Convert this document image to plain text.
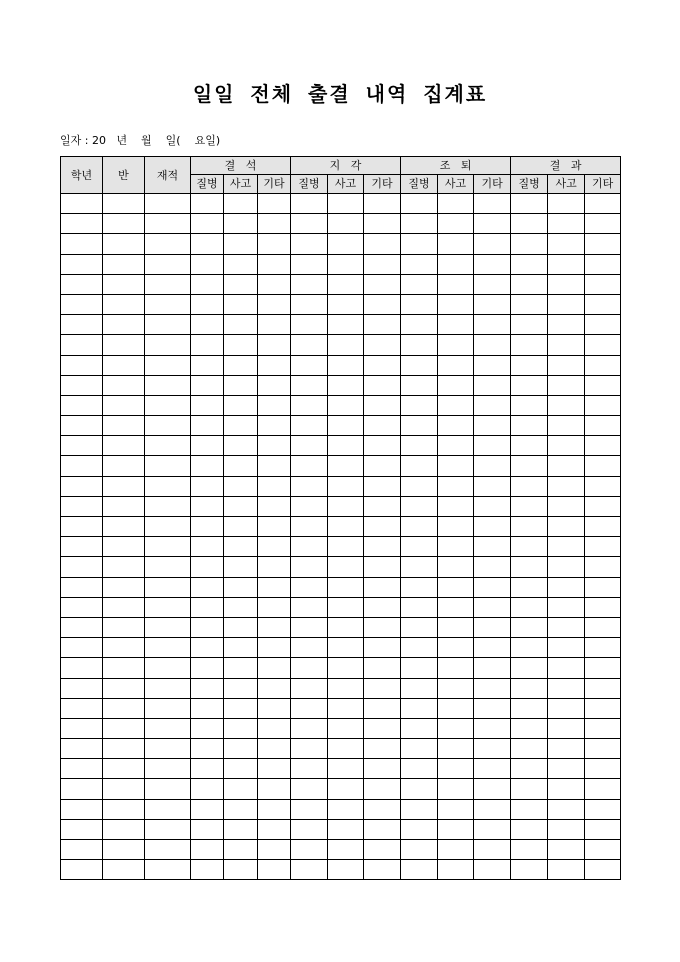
일일 전체 출결 내역 집계표
일자 : 20   년    월    일(    요일)
학년	반	재적	결   석			지   각			조   퇴			결   과		
			질병	사고	기타	질병	사고	기타	질병	사고	기타	질병	사고	기타
